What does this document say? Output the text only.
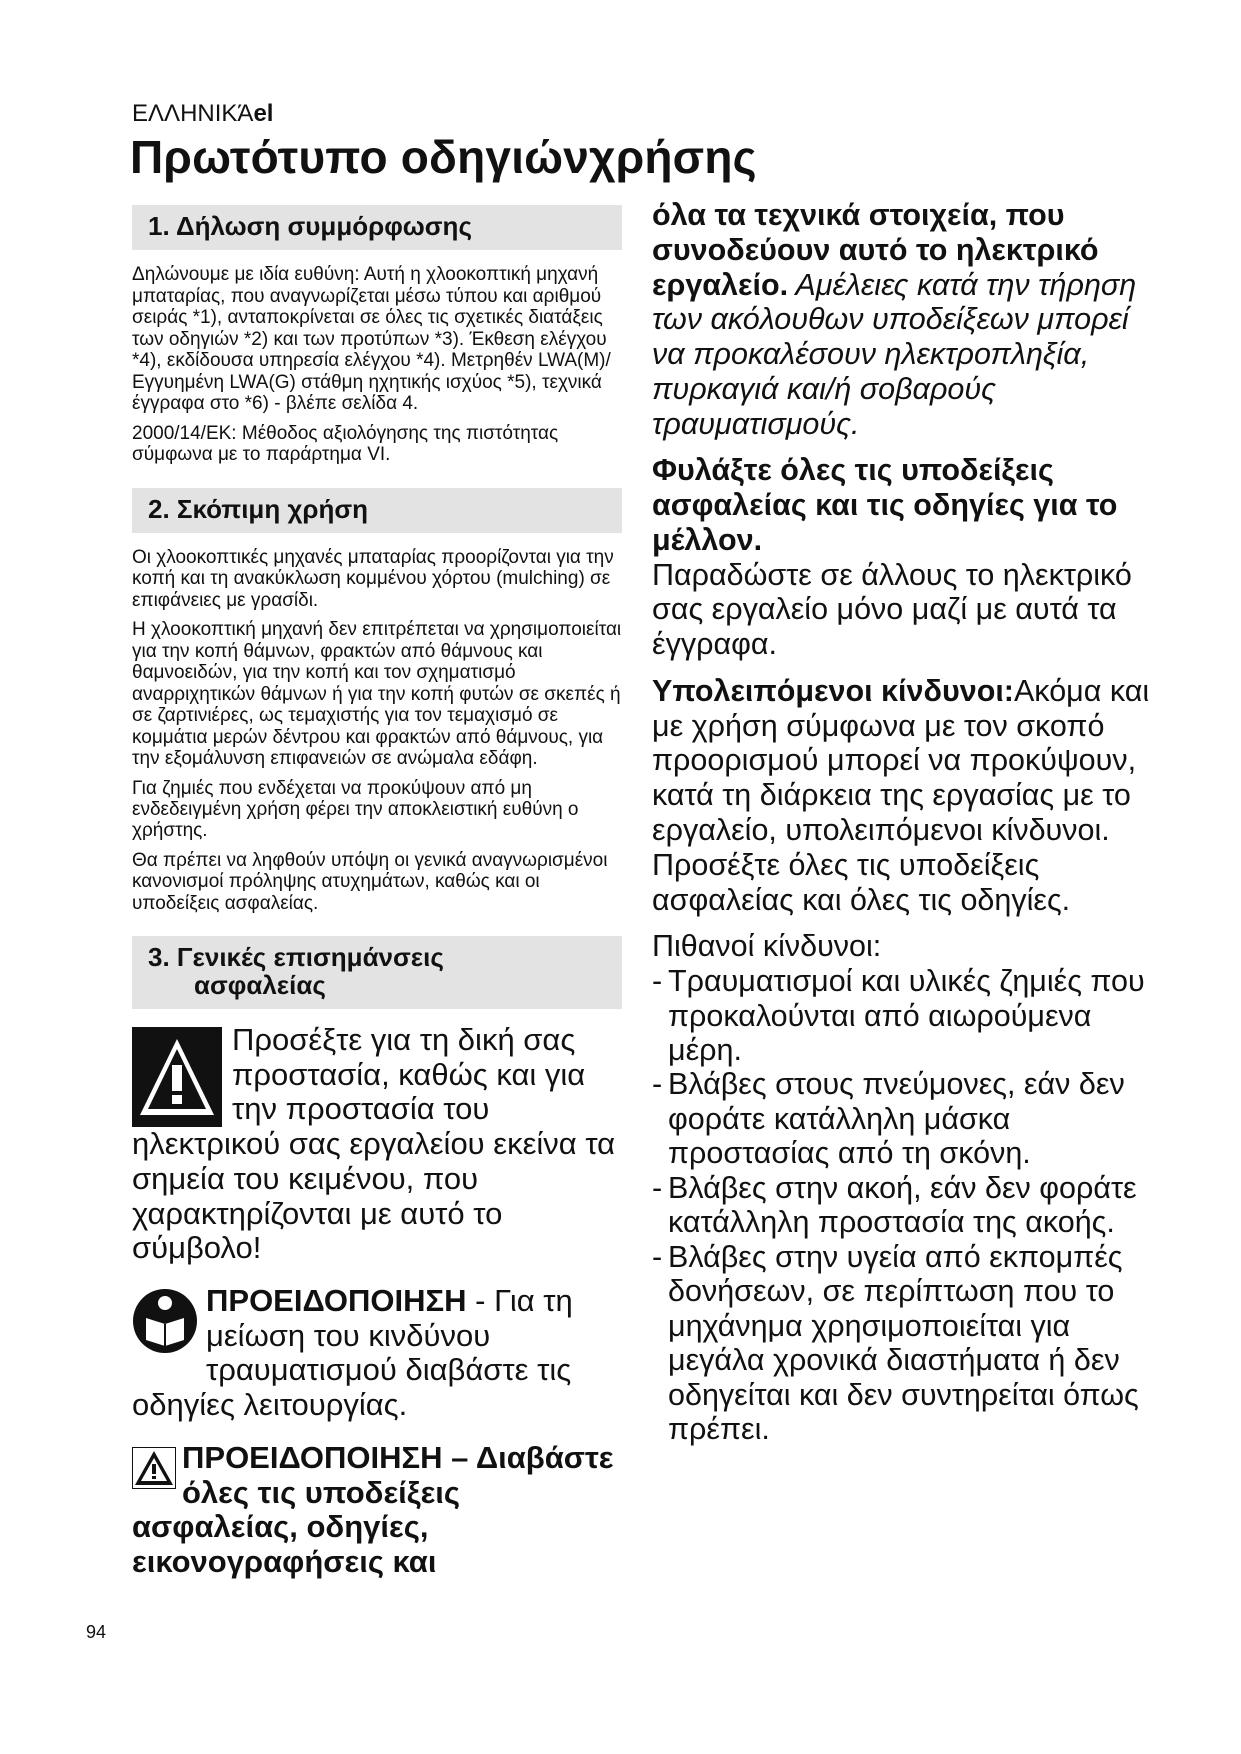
ΕΛΛΗΝΙΚΆel
Πρωτότυπο οδηγιώνχρήσης
1. Δήλωση συμμόρφωσης

Δηλώνουμε με ιδία ευθύνη: Αυτή η χλοοκοπτική μηχανή μπαταρίας, που αναγνωρίζεται μέσω τύπου και αριθμού σειράς *1), ανταποκρίνεται σε όλες τις σχετικές διατάξεις των οδηγιών *2) και των προτύπων *3). Έκθεση ελέγχου *4), εκδίδουσα υπηρεσία ελέγχου *4). Μετρηθέν LWA(M)/Εγγυημένη LWA(G) στάθμη ηχητικής ισχύος *5), τεχνικά έγγραφα στο *6) - βλέπε σελίδα 4.

2000/14/ΕΚ: Μέθοδος αξιολόγησης της πιστότητας σύμφωνα με το παράρτημα VI.

2. Σκόπιμη χρήση

Οι χλοοκοπτικές μηχανές μπαταρίας προορίζονται για την κοπή και τη ανακύκλωση κομμένου χόρτου (mulching) σε επιφάνειες με γρασίδι.

Η χλοοκοπτική μηχανή δεν επιτρέπεται να χρησιμοποιείται για την κοπή θάμνων, φρακτών από θάμνους και θαμνοειδών, για την κοπή και τον σχηματισμό αναρριχητικών θάμνων ή για την κοπή φυτών σε σκεπές ή σε ζαρτινιέρες, ως τεμαχιστής για τον τεμαχισμό σε κομμάτια μερών δέντρου και φρακτών από θάμνους, για την εξομάλυνση επιφανειών σε ανώμαλα εδάφη.

Για ζημιές που ενδέχεται να προκύψουν από μη ενδεδειγμένη χρήση φέρει την αποκλειστική ευθύνη ο χρήστης.

Θα πρέπει να ληφθούν υπόψη οι γενικά αναγνωρισμένοι κανονισμοί πρόληψης ατυχημάτων, καθώς και οι υποδείξεις ασφαλείας.

3. Γενικές επισημάνσεις
ασφαλείας
Προσέξτε για τη δική σας προστασία, καθώς και για την προστασία του ηλεκτρικού σας εργαλείου εκείνα τα σημεία του κειμένου, που χαρακτηρίζονται με αυτό το σύμβολο!
ΠΡΟΕΙΔΟΠΟΙΗΣΗ - Για τη μείωση του κινδύνου τραυματισμού διαβάστε τις οδηγίες λειτουργίας.
ΠΡΟΕΙΔΟΠΟΙΗΣΗ – Διαβάστε όλες τις υποδείξεις ασφαλείας, οδηγίες, εικονογραφήσεις και

όλα τα τεχνικά στοιχεία, που συνοδεύουν αυτό το ηλεκτρικό εργαλείο. Αμέλειες κατά την τήρηση των ακόλουθων υποδείξεων μπορεί να προκαλέσουν ηλεκτροπληξία, πυρκαγιά και/ή σοβαρούς τραυματισμούς.

Φυλάξτε όλες τις υποδείξεις ασφαλείας και τις οδηγίες για το μέλλον.

Παραδώστε σε άλλους το ηλεκτρικό σας εργαλείο μόνο μαζί με αυτά τα έγγραφα.

Υπολειπόμενοι κίνδυνοι:Ακόμα και με χρήση σύμφωνα με τον σκοπό προορισμού μπορεί να προκύψουν, κατά τη διάρκεια της εργασίας με το εργαλείο, υπολειπόμενοι κίνδυνοι. Προσέξτε όλες τις υποδείξεις ασφαλείας και όλες τις οδηγίες.

Πιθανοί κίνδυνοι:

- Τραυματισμοί και υλικές ζημιές που προκαλούνται από αιωρούμενα μέρη.
- Βλάβες στους πνεύμονες, εάν δεν φοράτε κατάλληλη μάσκα προστασίας από τη σκόνη.
- Βλάβες στην ακοή, εάν δεν φοράτε κατάλληλη προστασία της ακοής.
- Βλάβες στην υγεία από εκπομπές δονήσεων, σε περίπτωση που το μηχάνημα χρησιμοποιείται για μεγάλα χρονικά διαστήματα ή δεν οδηγείται και δεν συντηρείται όπως πρέπει.
94
